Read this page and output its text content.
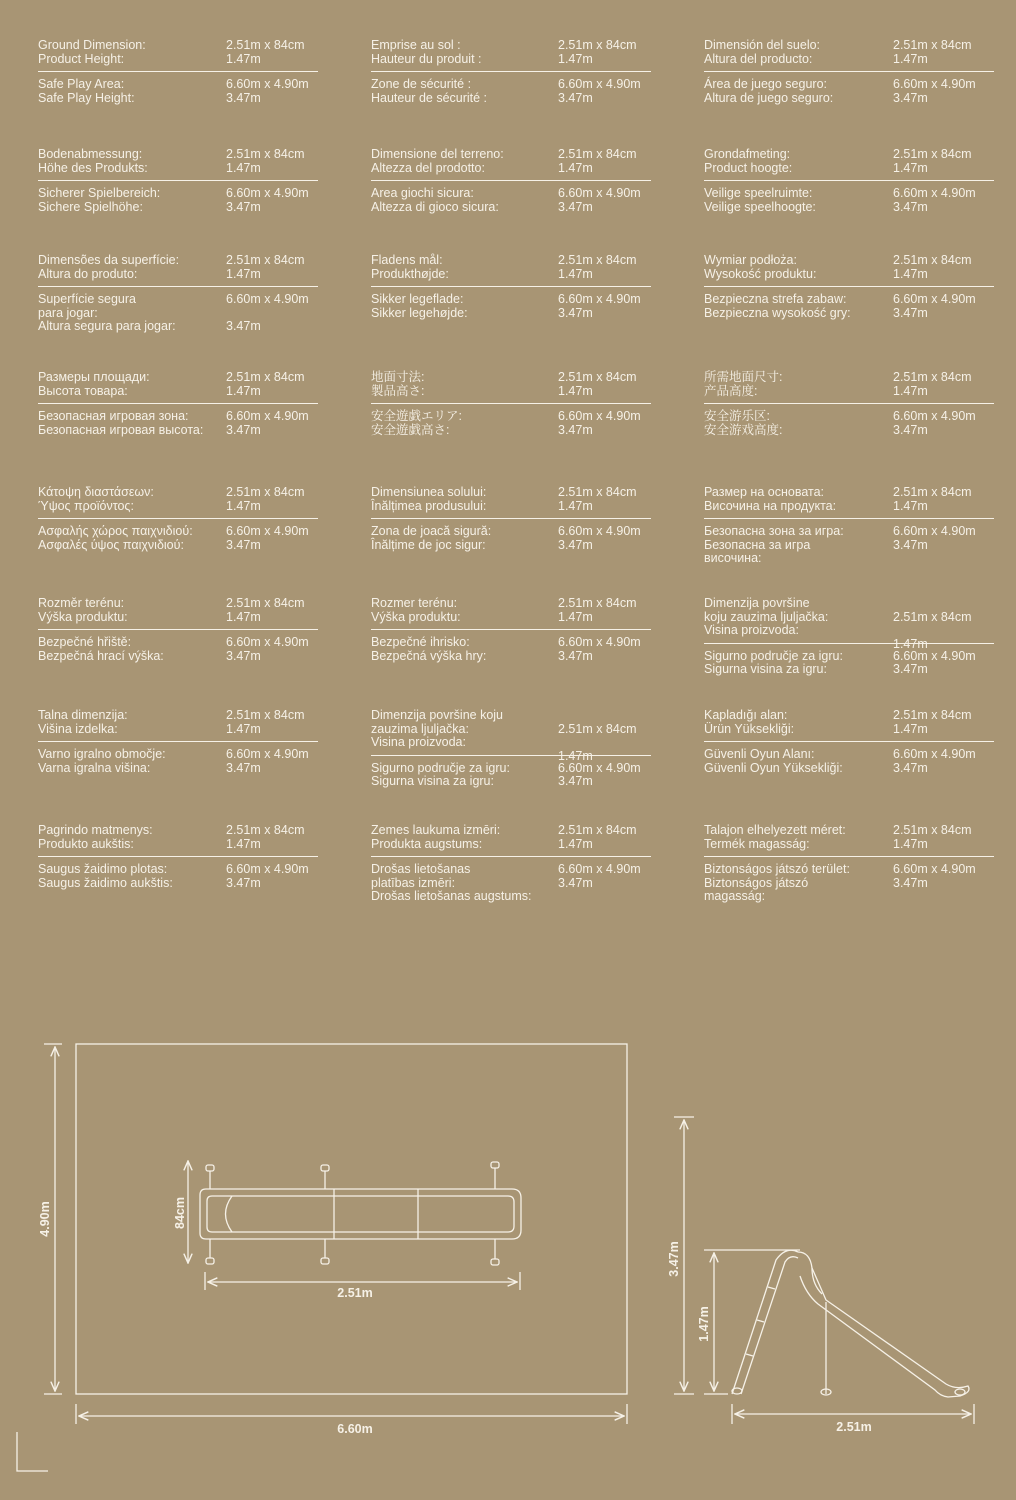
Ground Dimension:
Product Height:
2.51m x 84cm
1.47m
Safe Play Area:
Safe Play Height:
6.60m x 4.90m
3.47m
Emprise au sol :
Hauteur du produit :
2.51m x 84cm
1.47m
Zone de sécurité :
Hauteur de sécurité :
6.60m x 4.90m
3.47m
Dimensión del suelo:
Altura del producto:
2.51m x 84cm
1.47m
Área de juego seguro:
Altura de juego seguro:
6.60m x 4.90m
3.47m
Bodenabmessung:
Höhe des Produkts:
2.51m x 84cm
1.47m
Sicherer Spielbereich:
Sichere Spielhöhe:
6.60m x 4.90m
3.47m
Dimensione del terreno:
Altezza del prodotto:
2.51m x 84cm
1.47m
Area giochi sicura:
Altezza di gioco sicura:
6.60m x 4.90m
3.47m
Grondafmeting:
Product hoogte:
2.51m x 84cm
1.47m
Veilige speelruimte:
Veilige speelhoogte:
6.60m x 4.90m
3.47m
Dimensões da superfície:
Altura do produto:
2.51m x 84cm
1.47m
Superfície segura
para jogar:
Altura segura para jogar:
6.60m x 4.90m
3.47m
Fladens mål:
Produkthøjde:
2.51m x 84cm
1.47m
Sikker legeflade:
Sikker legehøjde:
6.60m x 4.90m
3.47m
Wymiar podłoża:
Wysokość produktu:
2.51m x 84cm
1.47m
Bezpieczna strefa zabaw:
Bezpieczna wysokość gry:
6.60m x 4.90m
3.47m
Размеры площади:
Высота товара:
2.51m x 84cm
1.47m
Безопасная игровая зона:
Безопасная игровая высота:
6.60m x 4.90m
3.47m
地面寸法:
製品高さ:
2.51m x 84cm
1.47m
安全遊戯エリア:
安全遊戯高さ:
6.60m x 4.90m
3.47m
所需地面尺寸:
产品高度:
2.51m x 84cm
1.47m
安全游乐区:
安全游戏高度:
6.60m x 4.90m
3.47m
Κάτοψη διαστάσεων:
Ύψος προϊόντος:
2.51m x 84cm
1.47m
Ασφαλής χώρος παιχνιδιού:
Ασφαλές ύψος παιχνιδιού:
6.60m x 4.90m
3.47m
Dimensiunea solului:
Înălțimea produsului:
2.51m x 84cm
1.47m
Zona de joacă sigură:
Înălțime de joc sigur:
6.60m x 4.90m
3.47m
Размер на основата:
Височина на продукта:
2.51m x 84cm
1.47m
Безопасна зона за игра:
Безопасна за игра
височина:
6.60m x 4.90m
3.47m
Rozměr terénu:
Výška produktu:
2.51m x 84cm
1.47m
Bezpečné hřiště:
Bezpečná hrací výška:
6.60m x 4.90m
3.47m
Rozmer terénu:
Výška produktu:
2.51m x 84cm
1.47m
Bezpečné ihrisko:
Bezpečná výška hry:
6.60m x 4.90m
3.47m
Dimenzija površine
koju zauzima ljuljačka:
Visina proizvoda:
2.51m x 84cm
1.47m
Sigurno područje za igru:
Sigurna visina za igru:
6.60m x 4.90m
3.47m
Talna dimenzija:
Višina izdelka:
2.51m x 84cm
1.47m
Varno igralno območje:
Varna igralna višina:
6.60m x 4.90m
3.47m
Dimenzija površine koju
zauzima ljuljačka:
Visina proizvoda:
2.51m x 84cm
1.47m
Sigurno područje za igru:
Sigurna visina za igru:
6.60m x 4.90m
3.47m
Kapladığı alan:
Ürün Yüksekliği:
2.51m x 84cm
1.47m
Güvenli Oyun Alanı:
Güvenli Oyun Yüksekliği:
6.60m x 4.90m
3.47m
Pagrindo matmenys:
Produkto aukštis:
2.51m x 84cm
1.47m
Saugus žaidimo plotas:
Saugus žaidimo aukštis:
6.60m x 4.90m
3.47m
Zemes laukuma izmēri:
Produkta augstums:
2.51m x 84cm
1.47m
Drošas lietošanas
platības izmēri:
Drošas lietošanas augstums:
6.60m x 4.90m
3.47m
Talajon elhelyezett méret:
Termék magasság:
2.51m x 84cm
1.47m
Biztonságos játszó terület:
Biztonságos játszó
magasság:
6.60m x 4.90m
3.47m
4.90m
6.60m
84cm
2.51m
3.47m
1.47m
2.51m
